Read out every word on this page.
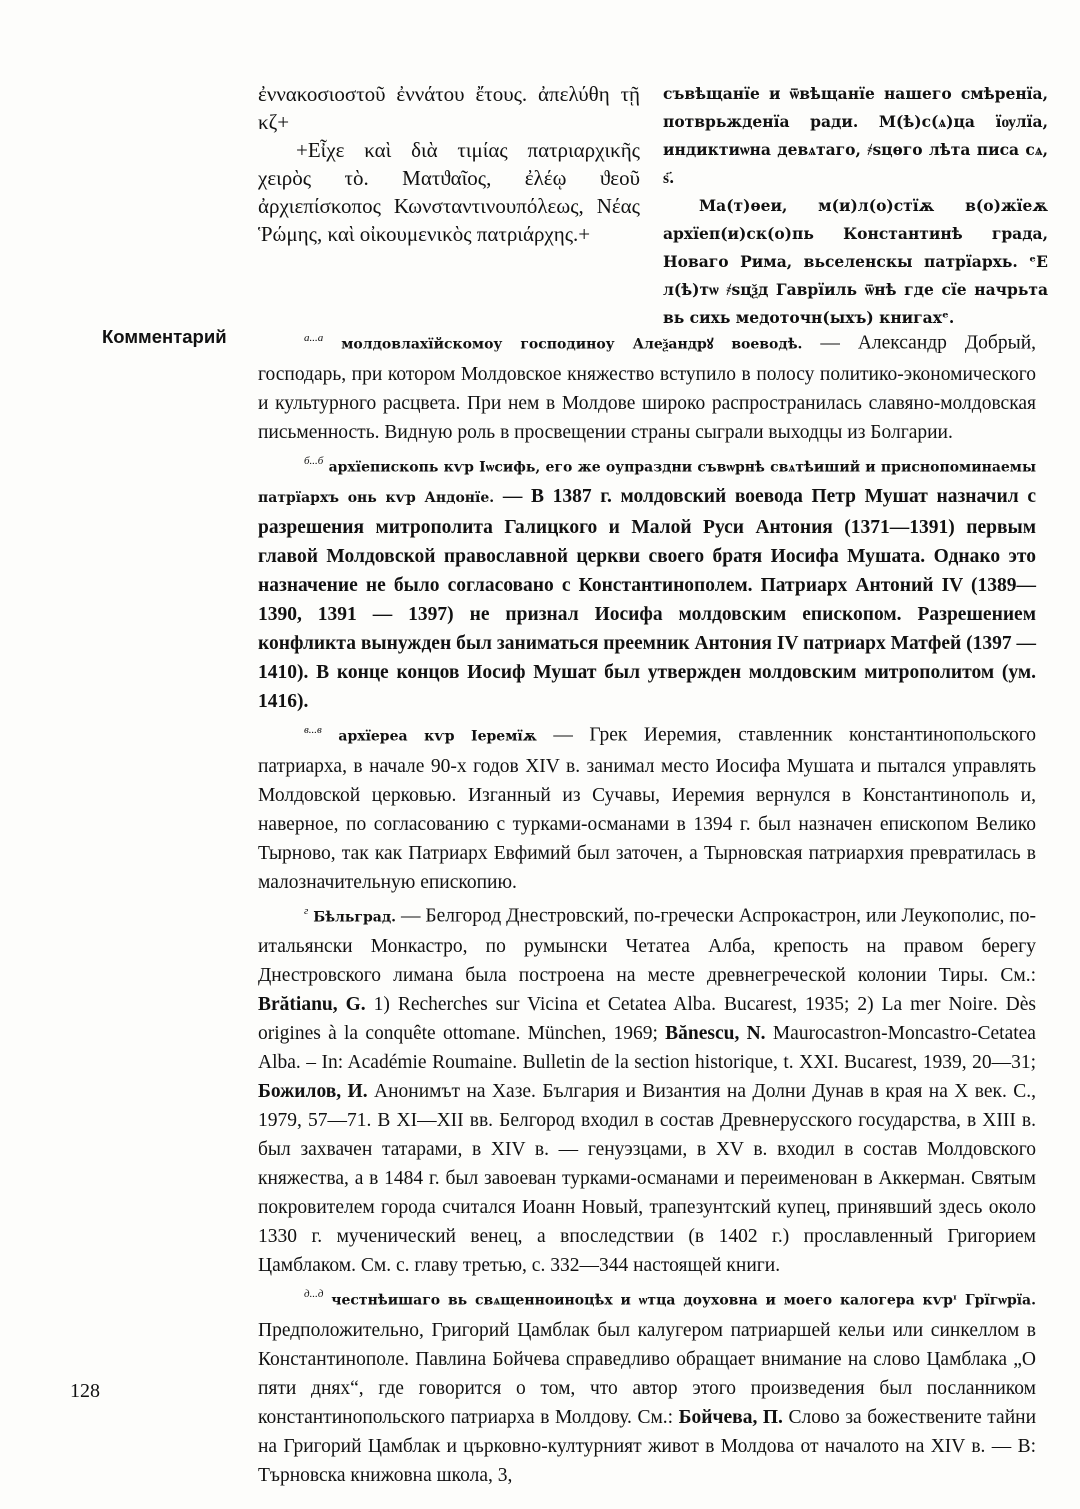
ἐννακοσιοστοῦ ἐννάτου ἔτους. ἀπελύθη τῇ κζ+

+Εἶχε καὶ διὰ τιμίας πατριαρχικῆς χειρὸς τὸ. Ματϑαῖος, ἐλέῳ ϑεοῦ ἀρχιεπίσκοπος Κωνσταντινουπόλεως, Νέας Ῥώμης, καὶ οἰκουμενικὸς πατριάρχης.+

съвѣщанїе и ѿвѣщанїе нашего смѣренїа, потврьжденїа ради. М(ѣ)с(ѧ)ца їѹлїа, индиктиѡна девѧтаго, ҂ѕцѳго лѣта писа сѧ, ѕ҃.

Ма(т)ѳеи, м(и)л(о)стїѫ в(о)жїеѫ архїеп(и)ск(о)пь Константинѣ града, Новаго Рима, вьселенскы патрїархь. ᵉЕ л(ѣ)тѡ ҂ѕцѯд Гаврїиль ѿнѣ где сїе начрьта вь сихь медоточн(ыхъ) книгахᵉ.

Комментарий	$^{а...а}$ молдовлахїйскомоу господиноу Алеѯандрꙋ воеводѣ. — Александр Добрый, господарь, при котором Молдовское княжество вступило в полосу политико-экономического и культурного расцвета. При нем в Молдове широко распространилась славяно-молдовская письменность. Видную роль в просвещении страны сыграли выходцы из Болгарии.

$^{б...б}$ архїепископь кѵр Іѡсифь, его же оупраздни съвѡрнѣ свѧтѣиший и приснопоминаемы патрїархъ онь кѵр Андонїе. — В 1387 г. молдовский воевода Петр Мушат назначил с разрешения митрополита Галицкого и Малой Руси Антония (1371—1391) первым главой Молдовской православной церкви своего братя Иосифа Мушата. Однако это назначение не было согласовано с Константинополем. Патриарх Антоний IV (1389—1390, 1391 — 1397) не признал Иосифа молдовским епископом. Разрешением конфликта вынужден был заниматься преемник Антония IV патриарх Матфей (1397 — 1410). В конце концов Иосиф Мушат был утвержден молдовским митрополитом (ум. 1416).

$^{в...в}$ архїереа кѵр Іеремїѫ — Грек Иеремия, ставленник константинопольского патриарха, в начале 90-х годов XIV в. занимал место Иосифа Мушата и пытался управлять Молдовской церковью. Изганный из Сучавы, Иеремия вернулся в Константинополь и, наверное, по согласованию с турками-османами в 1394 г. был назначен епископом Велико Тырново, так как Патриарх Евфимий был заточен, а Тырновская патриархия превратилась в малозначительную епископию.

$^г$ Бѣльград. — Белгород Днестровский, по-гречески Аспрокастрон, или Леукополис, по-итальянски Монкастро, по румынски Четатеа Алба, крепость на правом берегу Днестровского лимана была построена на месте древнегреческой колонии Тиры. См.: Brătianu, G. 1) Recherches sur Vicina et Cetatea Alba. Bucarest, 1935; 2) La mer Noire. Dès origines à la conquête ottomane. München, 1969; Bănescu, N. Maurocastron-Moncastro-Cetatea Alba. – In: Académie Roumaine. Bulletin de la section historique, t. XXI. Bucarest, 1939, 20—31; Божилов, И. Анонимът на Хазе. България и Византия на Долни Дунав в края на X век. С., 1979, 57—71. В XI—XII вв. Белгород входил в состав Древнерусского государства, в XIII в. был захвачен татарами, в XIV в. — генуэзцами, в XV в. входил в состав Молдовского княжества, а в 1484 г. был завоеван турками-османами и переименован в Аккерман. Святым покровителем города считался Иоанн Новый, трапезунтский купец, принявший здесь около 1330 г. мученический венец, а впоследствии (в 1402 г.) прославленный Григорием Цамблаком. См. с. главу третью, с. 332—344 настоящей книги.

$^{д...д}$ честнѣишаго вь свѧщенноиноцѣх и ѡтца доуховна и моего калогера кѵрᶦ Грїгѡрїа. Предположительно, Григорий Цамблак был калугером патриаршей кельи или синкеллом в Константинополе. Павлина Бойчева справедливо обращает внимание на слово Цамблака „О пяти днях“, где говорится о том, что автор этого произведения был посланником константинопольского патриарха в Молдову. См.: Бойчева, П. Слово за божествените тайни на Григорий Цамблак и църковно-културният живот в Молдова от началото на XIV в. — В: Търновска книжовна школа, 3,

128
